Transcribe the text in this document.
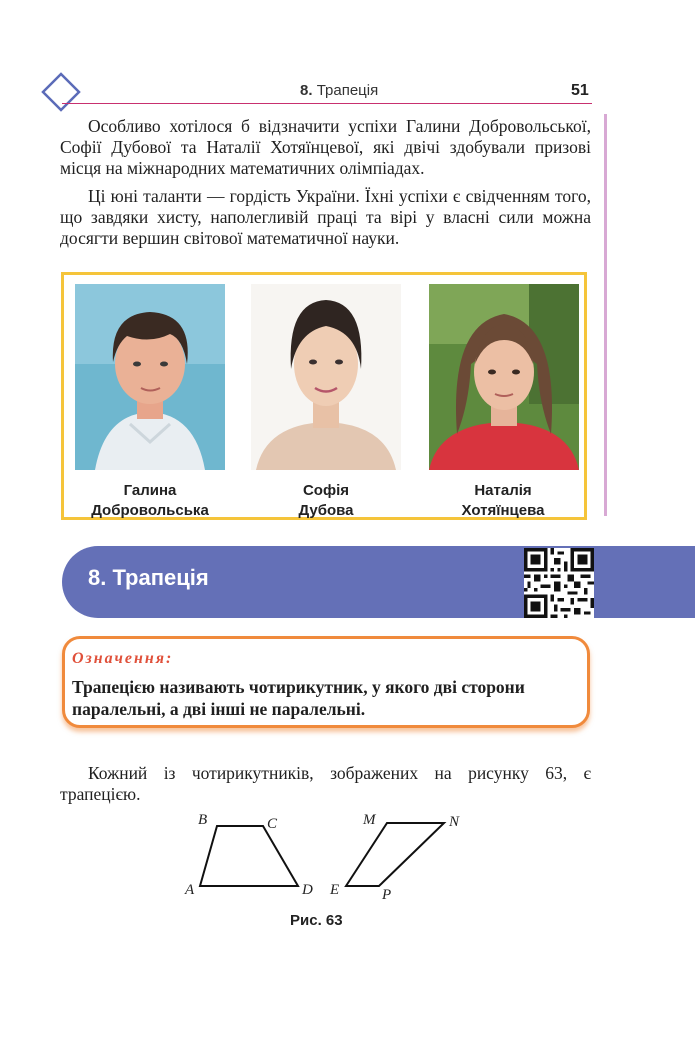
8. Трапеція	51

Особливо хотілося б відзначити успіхи Галини Добровольської, Софії Дубової та Наталії Хотяїнцевої, які двічі здобували призові місця на міжнародних математичних олімпіадах.

Ці юні таланти — гордість України. Їхні успіхи є свідченням того, що завдяки хисту, наполегливій праці та вірі у власні сили можна досягти вершин світової математичної науки.

Галина
Добровольська
Софія
Дубова
Наталія
Хотяїнцева
8. Трапеція
Означення:
Трапецією називають чотирикутник, у якого дві сторони паралельні, а дві інші не паралельні.

Кожний із чотирикутників, зображених на рисунку 63, є трапецією.

A
B	C
D
M	N
E	P
Рис. 63
